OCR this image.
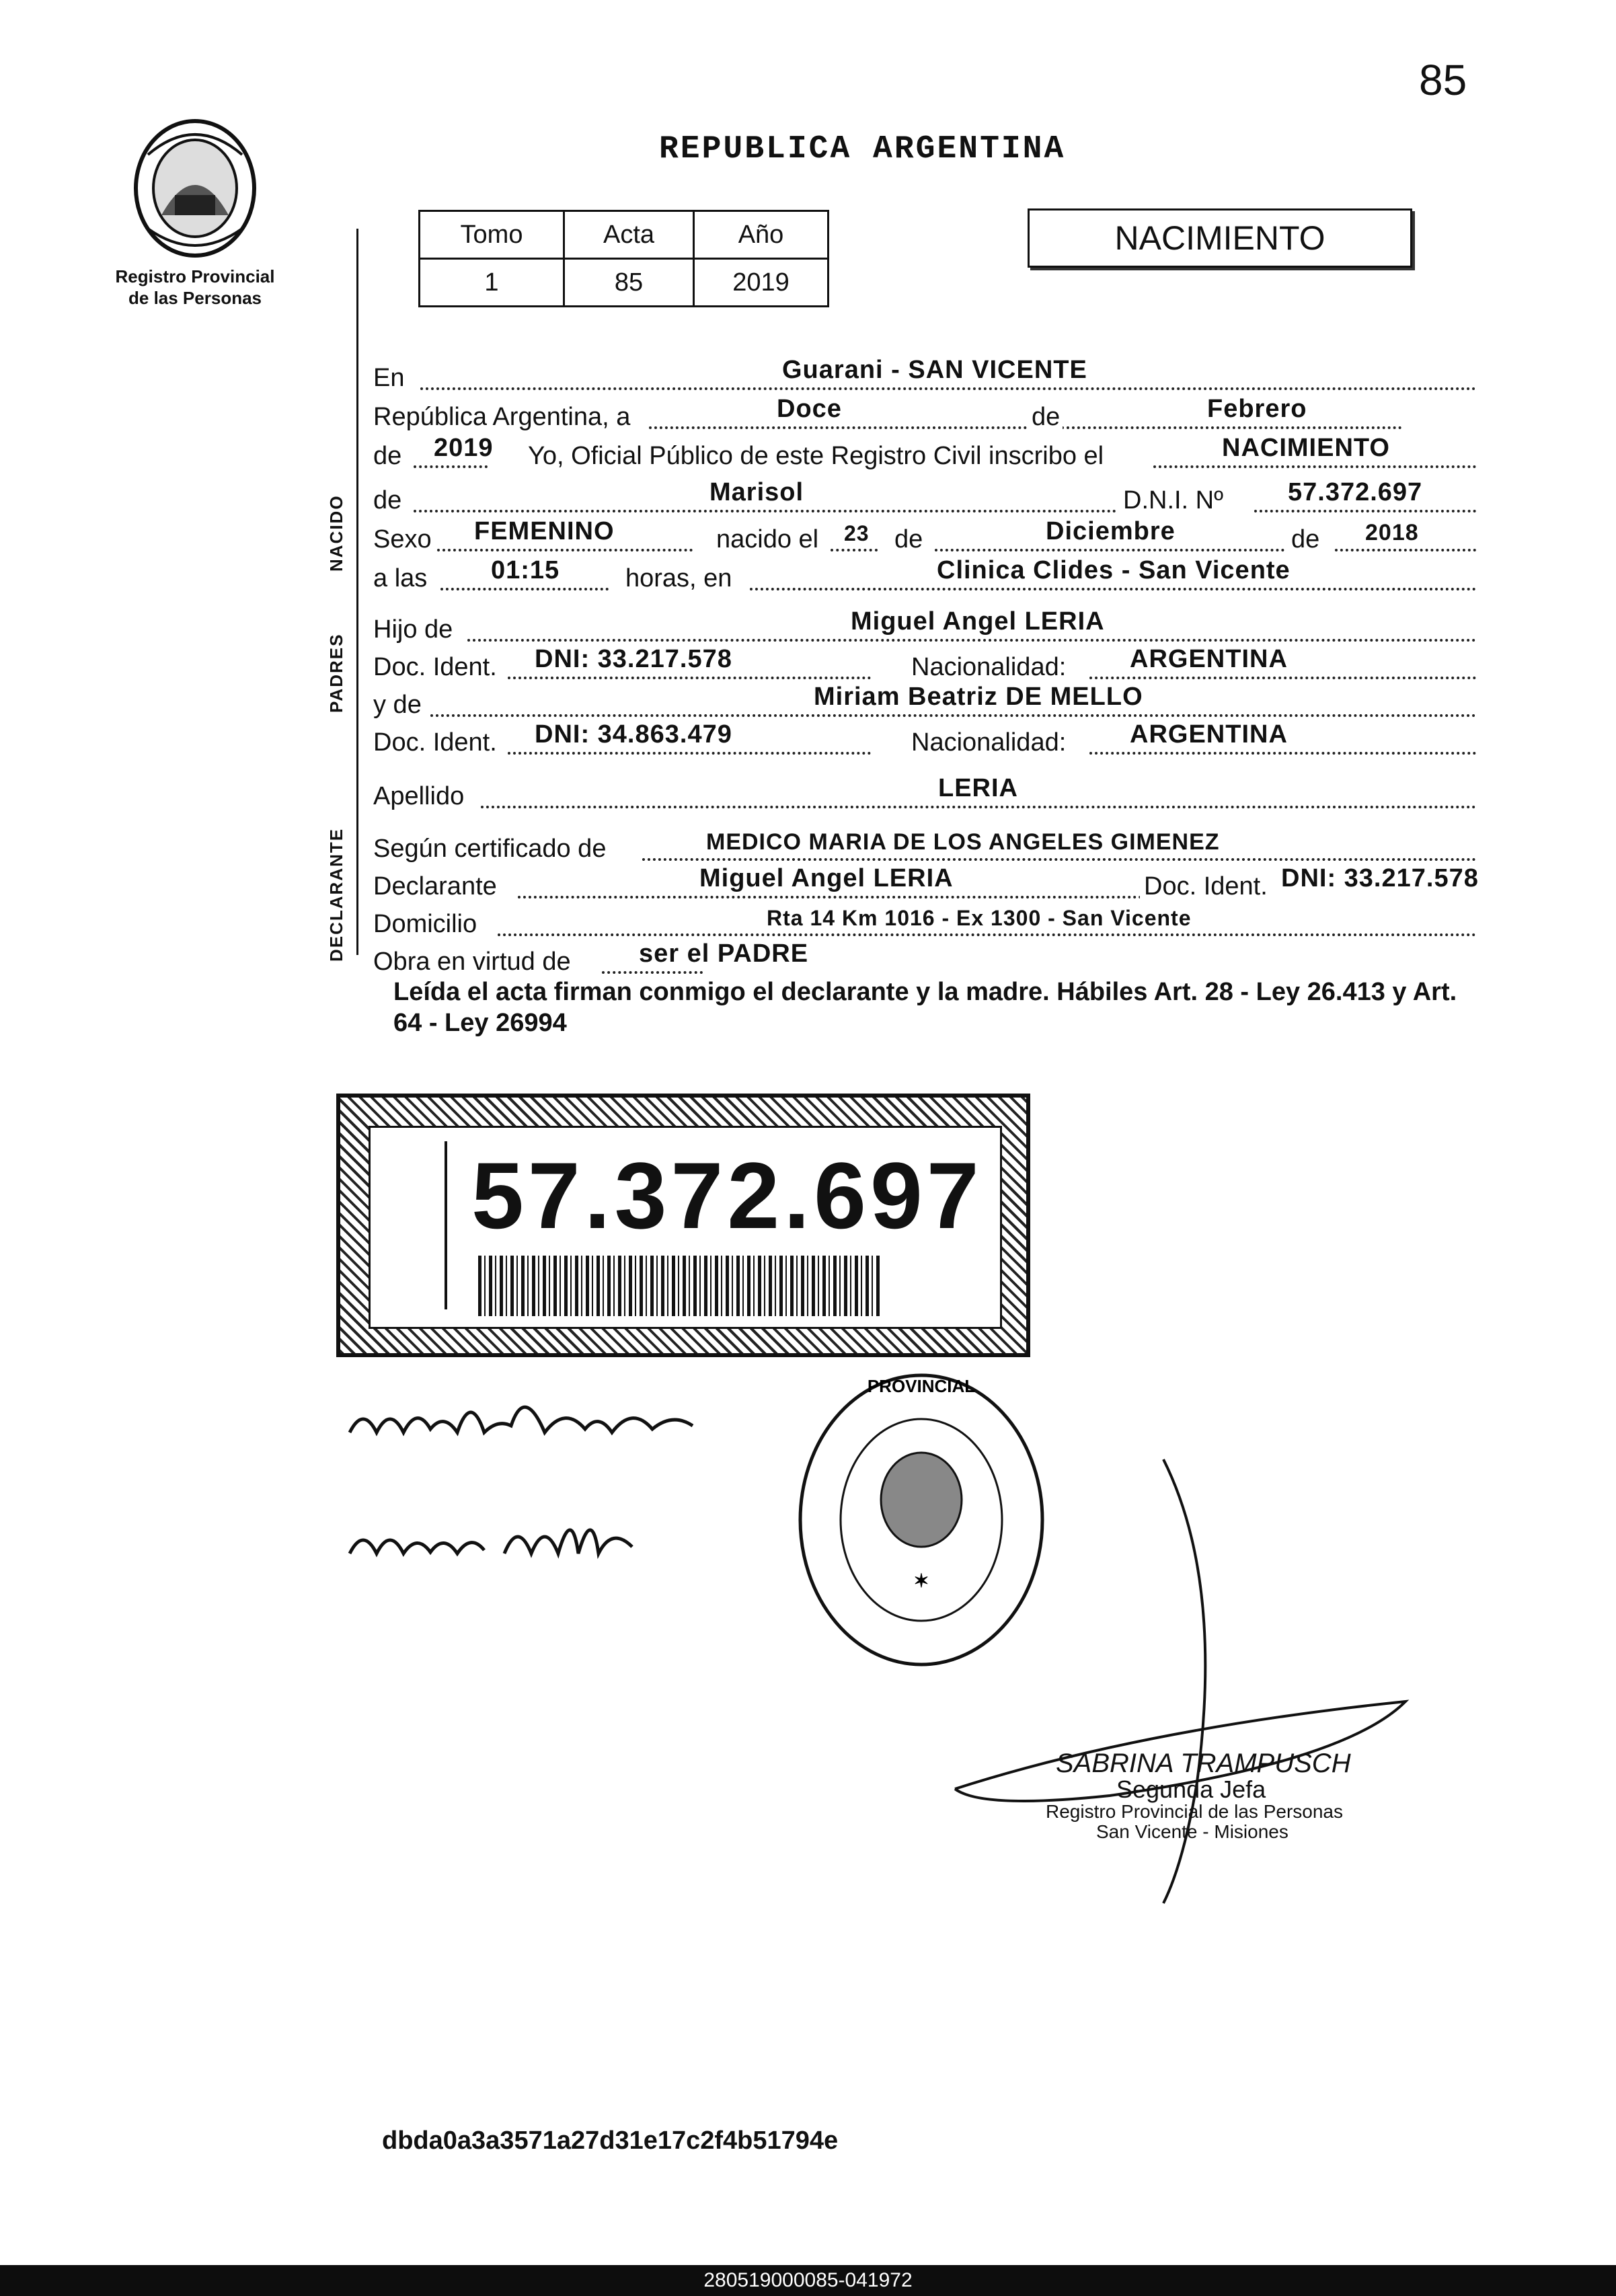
85
Registro Provincial
de las Personas
REPUBLICA ARGENTINA
Tomo	Acta	Año
1	85	2019
NACIMIENTO
NACIDO
PADRES
DECLARANTE
En	Guarani - SAN VICENTE
República Argentina, a	Doce	de	Febrero
de 2019 Yo, Oficial Público de este Registro Civil inscribo el	NACIMIENTO
de	Marisol	D.N.I. Nº	57.372.697
Sexo FEMENINO	nacido el 23 de	Diciembre	de 2018
a las 01:15	horas, en	Clinica Clides - San Vicente
Hijo de	Miguel Angel LERIA
Doc. Ident. DNI: 33.217.578	Nacionalidad: ARGENTINA
y de	Miriam Beatriz DE MELLO
Doc. Ident. DNI: 34.863.479	Nacionalidad: ARGENTINA
Apellido	LERIA
Según certificado de	MEDICO MARIA DE LOS ANGELES GIMENEZ
Declarante	Miguel Angel LERIA	Doc. Ident. DNI: 33.217.578
Domicilio	Rta 14 Km 1016 - Ex 1300 - San Vicente
Obra en virtud de	ser el PADRE
Leída el acta firman conmigo el declarante y la madre. Hábiles Art. 28 - Ley 26.413 y Art. 64 - Ley 26994
57.372.697
PROVINCIAL
✶
SABRINA TRAMPUSCH
Segunda Jefa
Registro Provincial de las Personas
San Vicente - Misiones
dbda0a3a3571a27d31e17c2f4b51794e
280519000085-041972
